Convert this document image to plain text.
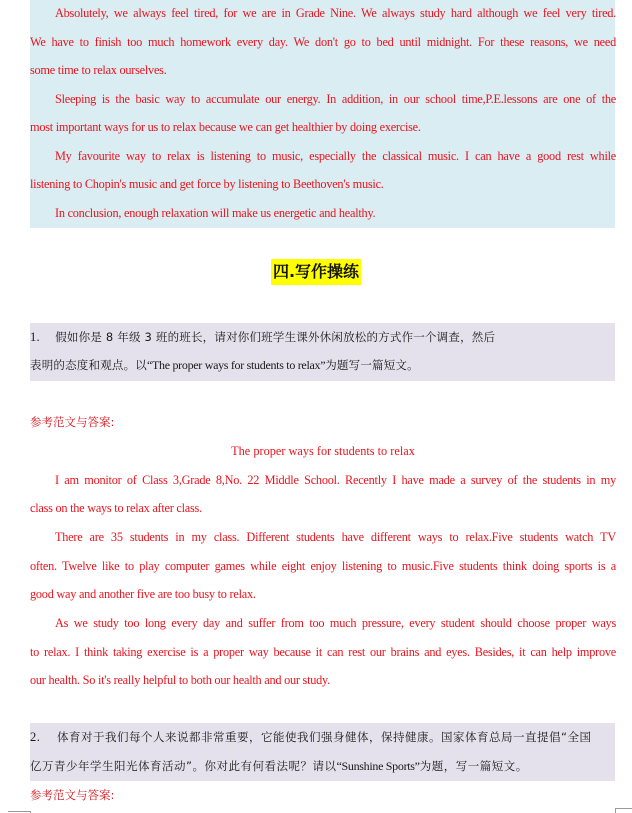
Absolutely, we always feel tired, for we are in Grade Nine. We always study hard although we feel very tired.
We have to finish too much homework every day. We don't go to bed until midnight. For these reasons, we need
some time to relax ourselves.
Sleeping is the basic way to accumulate our energy. In addition, in our school time,P.E.lessons are one of the
most important ways for us to relax because we can get healthier by doing exercise.
My favourite way to relax is listening to music, especially the classical music. I can have a good rest while
listening to Chopin's music and get force by listening to Beethoven's music.
In conclusion, enough relaxation will make us energetic and healthy.
四.写作操练
1. 假如你是 8 年级 3 班的班长，请对你们班学生课外休闲放松的方式作一个调查，然后
表明的态度和观点。以“The proper ways for students to relax”为题写一篇短文。
参考范文与答案:
The proper ways for students to relax
I am monitor of Class 3,Grade 8,No. 22 Middle School. Recently I have made a survey of the students in my
class on the ways to relax after class.
There are 35 students in my class. Different students have different ways to relax.Five students watch TV
often. Twelve like to play computer games while eight enjoy listening to music.Five students think doing sports is a
good way and another five are too busy to relax.
As we study too long every day and suffer from too much pressure, every student should choose proper ways
to relax. I think taking exercise is a proper way because it can rest our brains and eyes. Besides, it can help improve
our health. So it's really helpful to both our health and our study.
2. 体育对于我们每个人来说都非常重要，它能使我们强身健体，保持健康。国家体育总局一直提倡“全国
亿万青少年学生阳光体育活动”。你对此有何看法呢？请以“Sunshine Sports”为题，写一篇短文。
参考范文与答案:
